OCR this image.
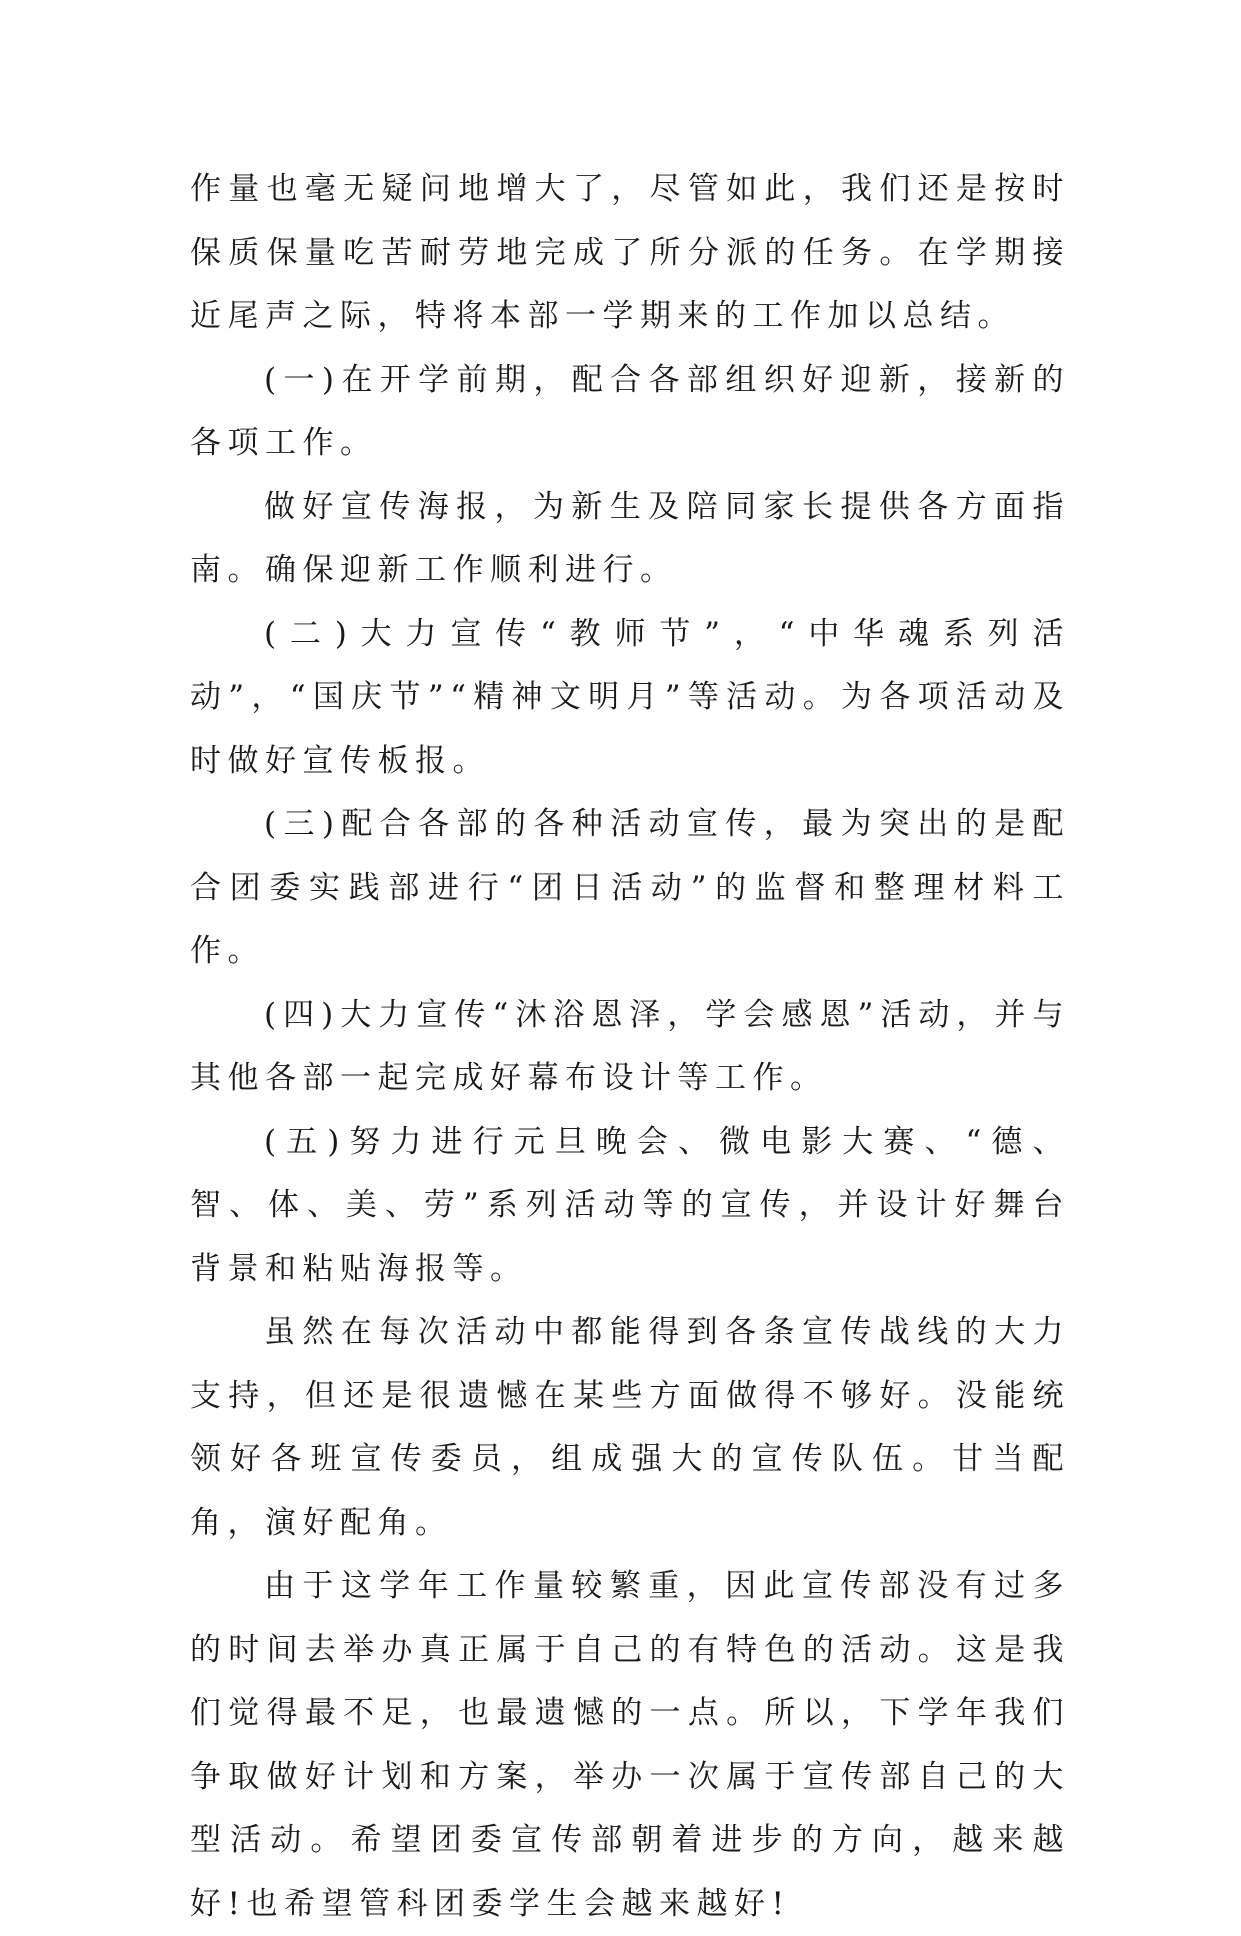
作量也毫无疑问地增大了，尽管如此，我们还是按时保质保量吃苦耐劳地完成了所分派的任务。在学期接近尾声之际，特将本部一学期来的工作加以总结。

(一)在开学前期，配合各部组织好迎新，接新的各项工作。

做好宣传海报，为新生及陪同家长提供各方面指南。确保迎新工作顺利进行。

(二)大力宣传“教师节”，“中华魂系列活动”，“国庆节”“精神文明月”等活动。为各项活动及时做好宣传板报。

(三)配合各部的各种活动宣传，最为突出的是配合团委实践部进行“团日活动”的监督和整理材料工作。

(四)大力宣传“沐浴恩泽，学会感恩”活动，并与其他各部一起完成好幕布设计等工作。

(五)努力进行元旦晚会、微电影大赛、“德、智、体、美、劳”系列活动等的宣传，并设计好舞台背景和粘贴海报等。

虽然在每次活动中都能得到各条宣传战线的大力支持，但还是很遗憾在某些方面做得不够好。没能统领好各班宣传委员，组成强大的宣传队伍。甘当配角，演好配角。

由于这学年工作量较繁重，因此宣传部没有过多的时间去举办真正属于自己的有特色的活动。这是我们觉得最不足，也最遗憾的一点。所以，下学年我们争取做好计划和方案，举办一次属于宣传部自己的大型活动。希望团委宣传部朝着进步的方向，越来越好!也希望管科团委学生会越来越好!
